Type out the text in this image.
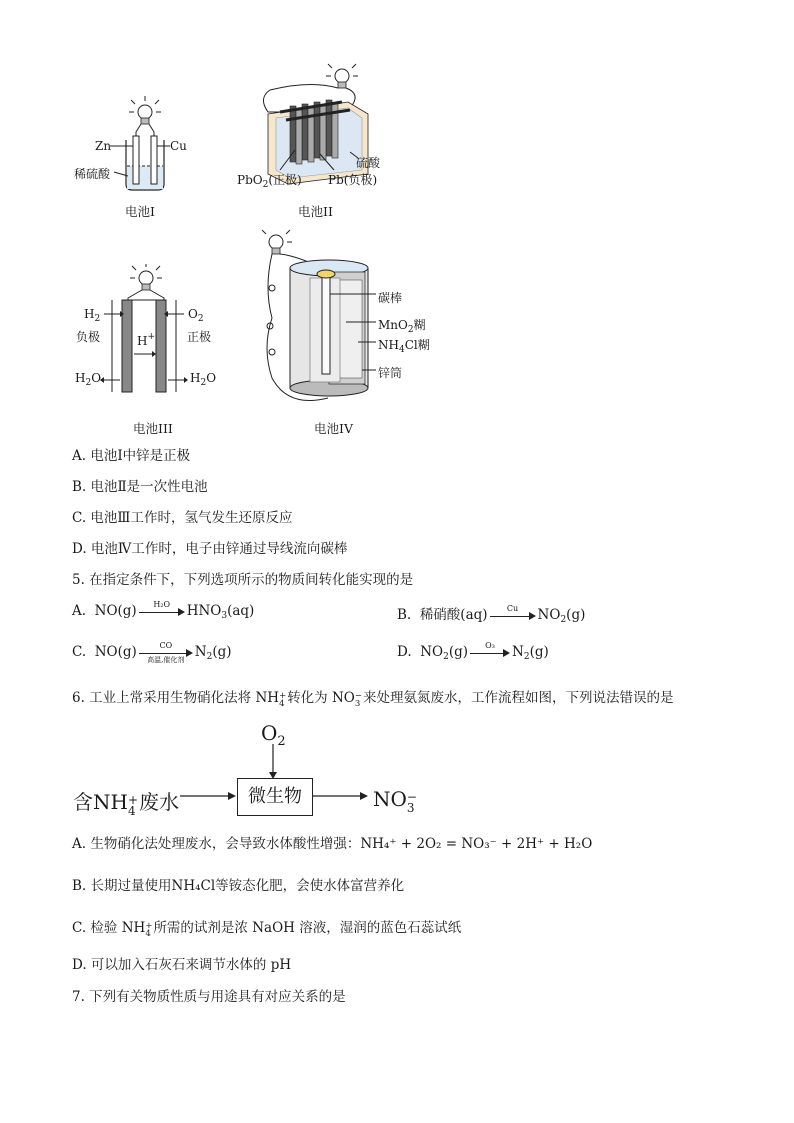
Zn	Cu
稀硫酸
电池I
硫酸
PbO$_2$(正极) Pb(负极)
电池II
$H_2$	$O_2$
负极	正极
H+
$H_2O$	$H_2O$
电池III
碳棒
MnO$_2$糊
$NH_4Cl$糊
锌筒
电池IV
A. 电池Ⅰ中锌是正极
B. 电池Ⅱ是一次性电池
C. 电池Ⅲ工作时，氢气发生还原反应
D. 电池Ⅳ工作时，电子由锌通过导线流向碳棒
5. 在指定条件下，下列选项所示的物质间转化能实现的是
A. NO(g)	H₂O	$HNO_3(aq)$	B. 稀硝酸(aq)	Cu	$NO_2(g)$
C. NO(g)	CO
高温,催化剂 $N_2(g)$	D. $NO_2(g)$	O₃	$N_2(g)$
6. 工业上常采用生物硝化法将 NH +
4 转化为 NO −
3 来处理氨氮废水，工作流程如图，下列说法错误的是
$O_2$
含NH +
4 废水	微生物	NO −
3
A. 生物硝化法处理废水，会导致水体酸性增强：NH₄⁺ + 2O₂ = NO₃⁻ + 2H⁺ + H₂O
B. 长期过量使用NH₄Cl等铵态化肥，会使水体富营养化
C. 检验 NH +
4 所需的试剂是浓 NaOH 溶液，湿润的蓝色石蕊试纸
D. 可以加入石灰石来调节水体的 pH
7. 下列有关物质性质与用途具有对应关系的是
